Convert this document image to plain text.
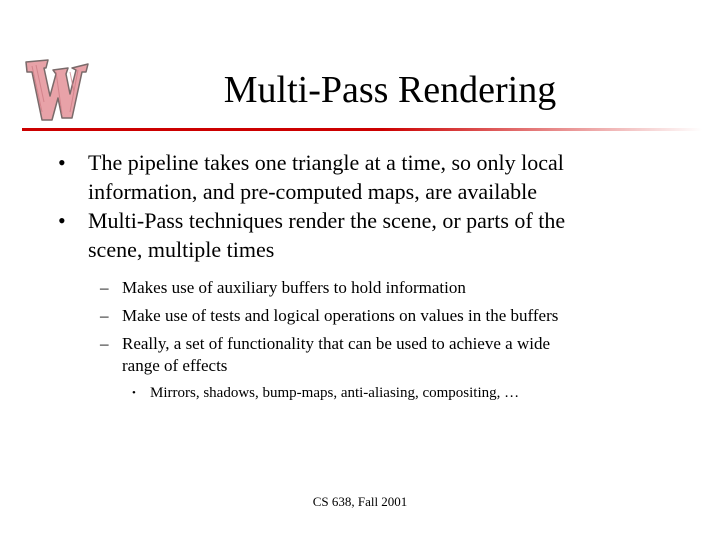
Multi-Pass Rendering
• The pipeline takes one triangle at a time, so only local
information, and pre-computed maps, are available
• Multi-Pass techniques render the scene, or parts of the
scene, multiple times
– Makes use of auxiliary buffers to hold information
– Make use of tests and logical operations on values in the buffers
– Really, a set of functionality that can be used to achieve a wide
range of effects
• Mirrors, shadows, bump-maps, anti-aliasing, compositing, …
CS 638, Fall 2001
